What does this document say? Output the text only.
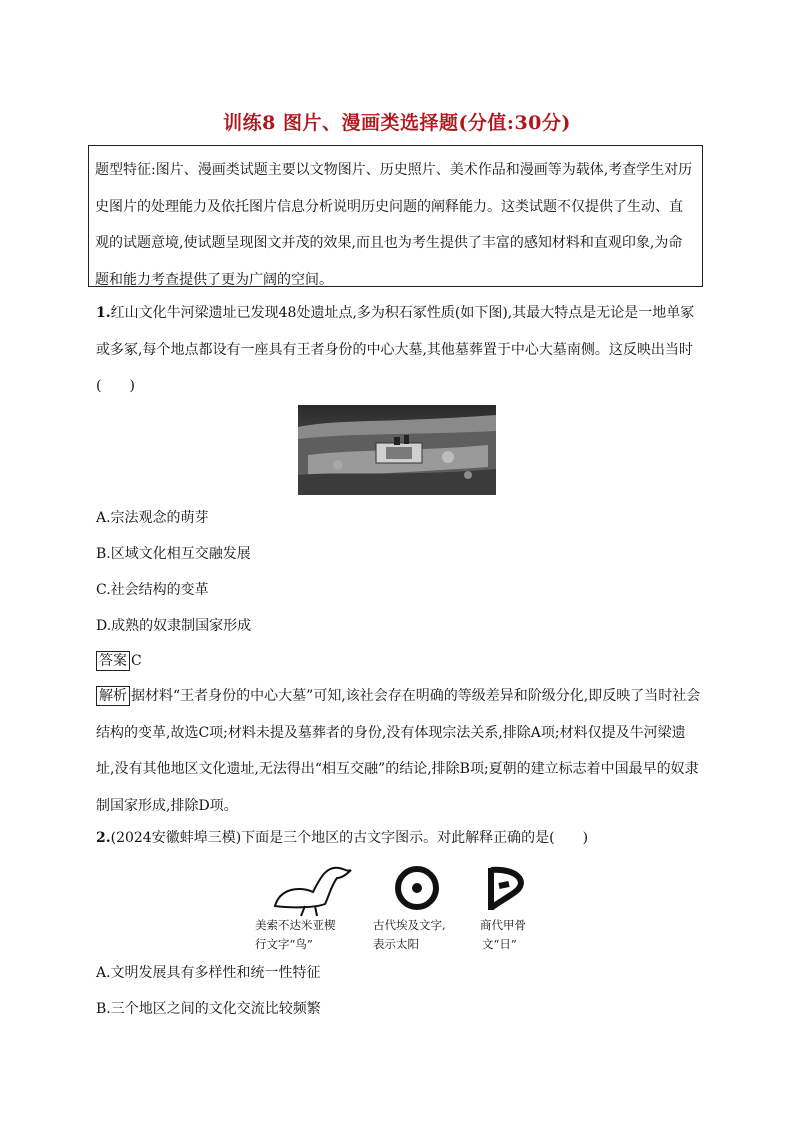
训练8 图片、漫画类选择题(分值:30分)
题型特征:图片、漫画类试题主要以文物图片、历史照片、美术作品和漫画等为载体,考查学生对历史图片的处理能力及依托图片信息分析说明历史问题的阐释能力。这类试题不仅提供了生动、直观的试题意境,使试题呈现图文并茂的效果,而且也为考生提供了丰富的感知材料和直观印象,为命题和能力考查提供了更为广阔的空间。
1.红山文化牛河梁遗址已发现48处遗址点,多为积石冢性质(如下图),其最大特点是无论是一地单冢或多冢,每个地点都设有一座具有王者身份的中心大墓,其他墓葬置于中心大墓南侧。这反映出当时(　　)
A.宗法观念的萌芽
B.区域文化相互交融发展
C.社会结构的变革
D.成熟的奴隶制国家形成
答案 C
解析 据材料“王者身份的中心大墓”可知,该社会存在明确的等级差异和阶级分化,即反映了当时社会结构的变革,故选C项;材料未提及墓葬者的身份,没有体现宗法关系,排除A项;材料仅提及牛河梁遗址,没有其他地区文化遗址,无法得出“相互交融”的结论,排除B项;夏朝的建立标志着中国最早的奴隶制国家形成,排除D项。
2.(2024安徽蚌埠三模)下面是三个地区的古文字图示。对此解释正确的是(　　)
美索不达米亚楔
行文字“鸟”
古代埃及文字,
表示太阳
商代甲骨
文“日”
A.文明发展具有多样性和统一性特征
B.三个地区之间的文化交流比较频繁
